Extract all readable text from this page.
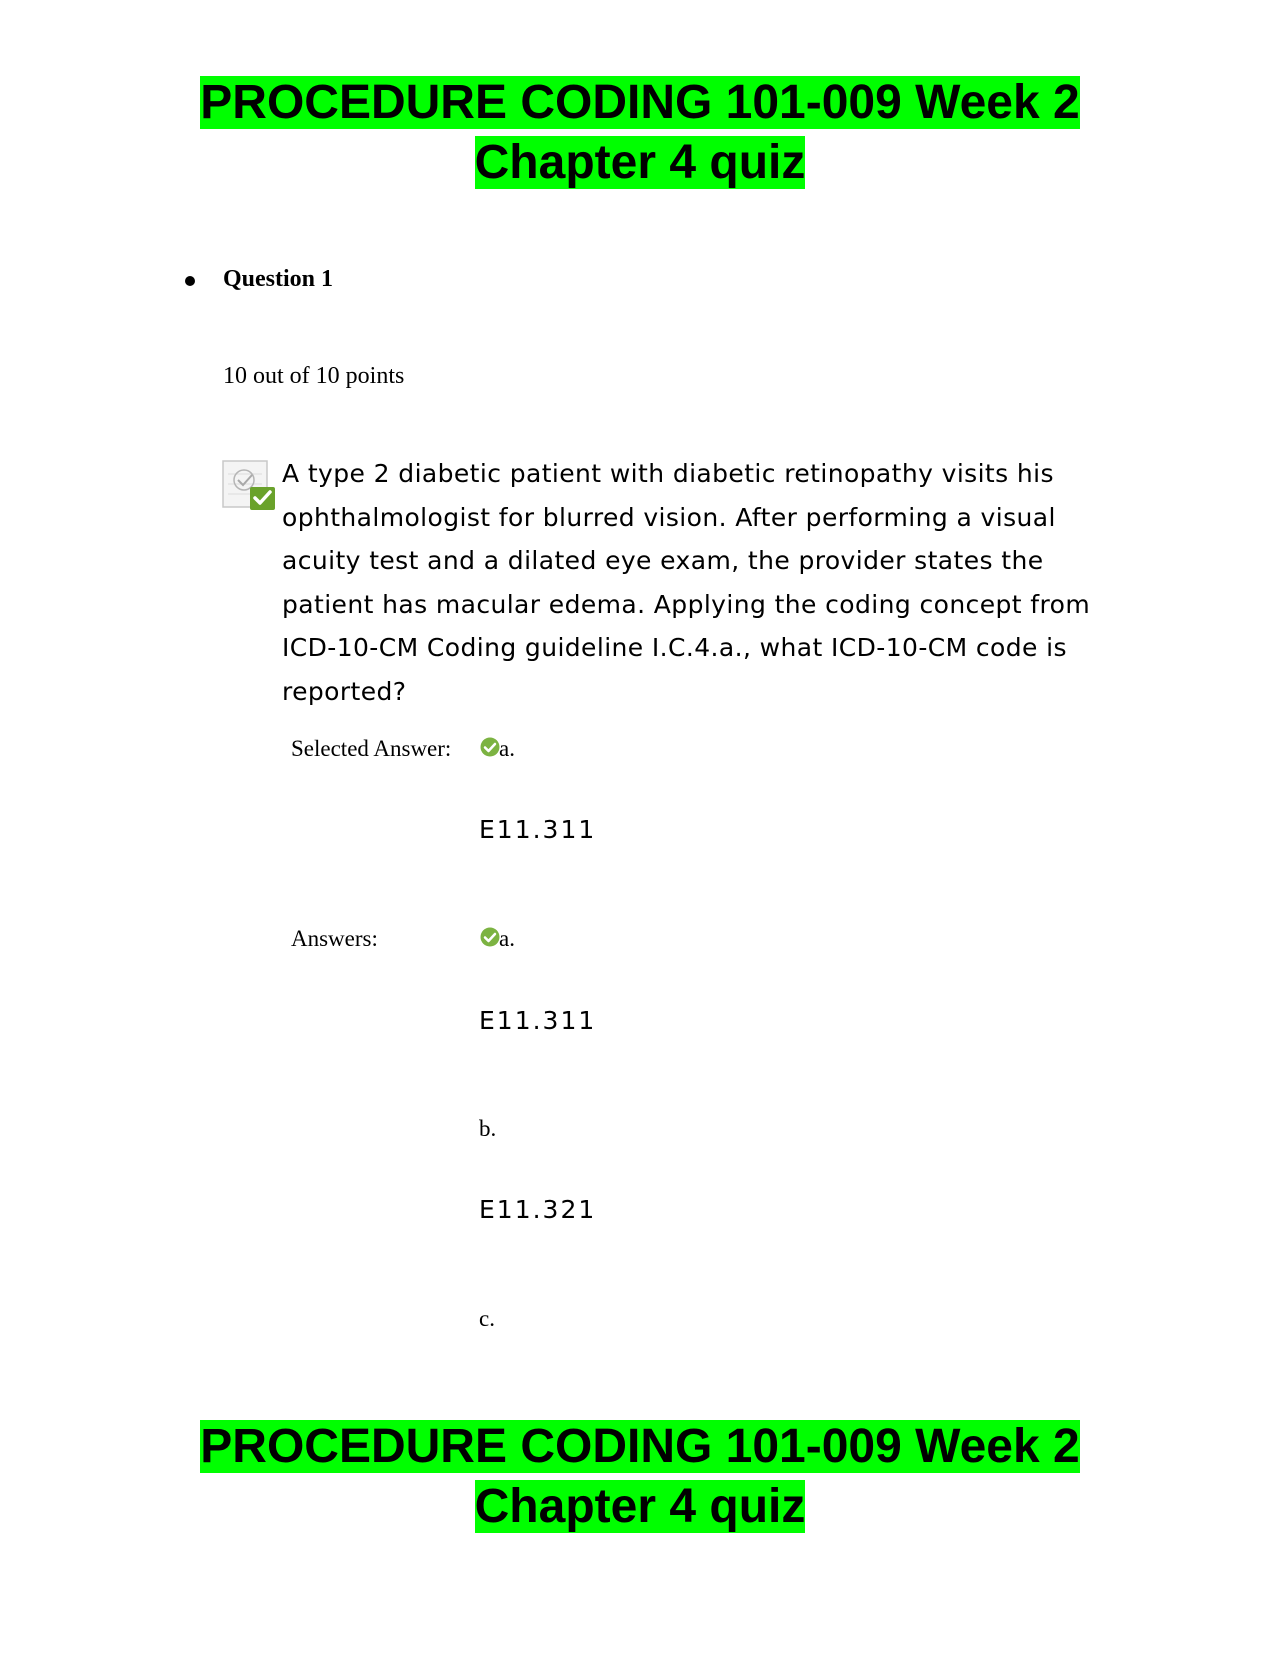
PROCEDURE CODING 101-009 Week 2
Chapter 4 quiz
Question 1
10 out of 10 points
A type 2 diabetic patient with diabetic retinopathy visits his ophthalmologist for blurred vision. After performing a visual acuity test and a dilated eye exam, the provider states the patient has macular edema. Applying the coding concept from ICD-10-CM Coding guideline I.C.4.a., what ICD-10-CM code is reported?
Selected Answer: a.
E11.311
Answers:	a.
E11.311
b.
E11.321
c.
PROCEDURE CODING 101-009 Week 2
Chapter 4 quiz
